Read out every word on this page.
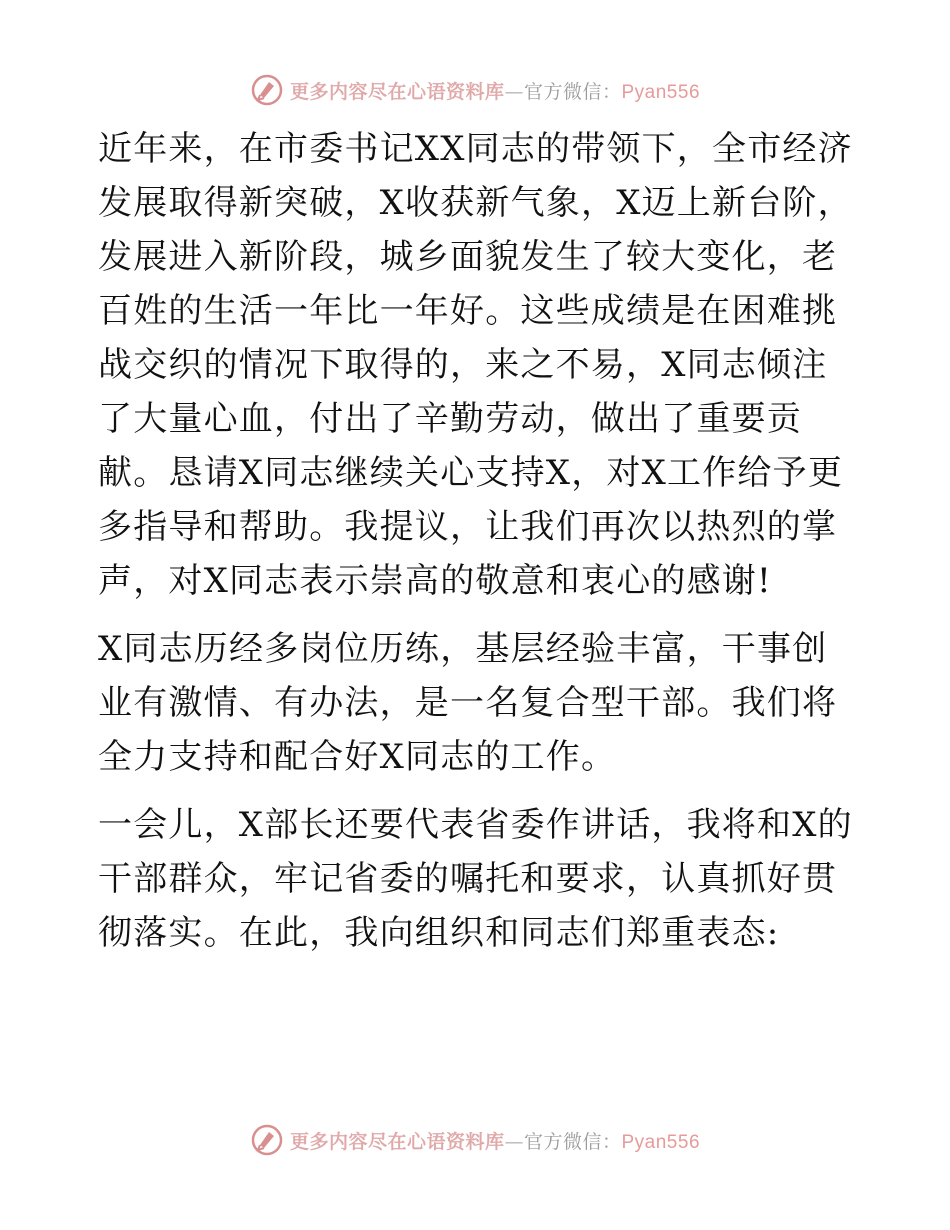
更多内容尽在心语资料库—官方微信：Pyan556

近年来，在市委书记XX同志的带领下，全市经济发展取得新突破，X收获新气象，X迈上新台阶，发展进入新阶段，城乡面貌发生了较大变化，老百姓的生活一年比一年好。这些成绩是在困难挑战交织的情况下取得的，来之不易，X同志倾注了大量心血，付出了辛勤劳动，做出了重要贡献。恳请X同志继续关心支持X，对X工作给予更多指导和帮助。我提议，让我们再次以热烈的掌声，对X同志表示崇高的敬意和衷心的感谢!

X同志历经多岗位历练，基层经验丰富，干事创业有激情、有办法，是一名复合型干部。我们将全力支持和配合好X同志的工作。

一会儿，X部长还要代表省委作讲话，我将和X的干部群众，牢记省委的嘱托和要求，认真抓好贯彻落实。在此，我向组织和同志们郑重表态:

更多内容尽在心语资料库—官方微信：Pyan556
